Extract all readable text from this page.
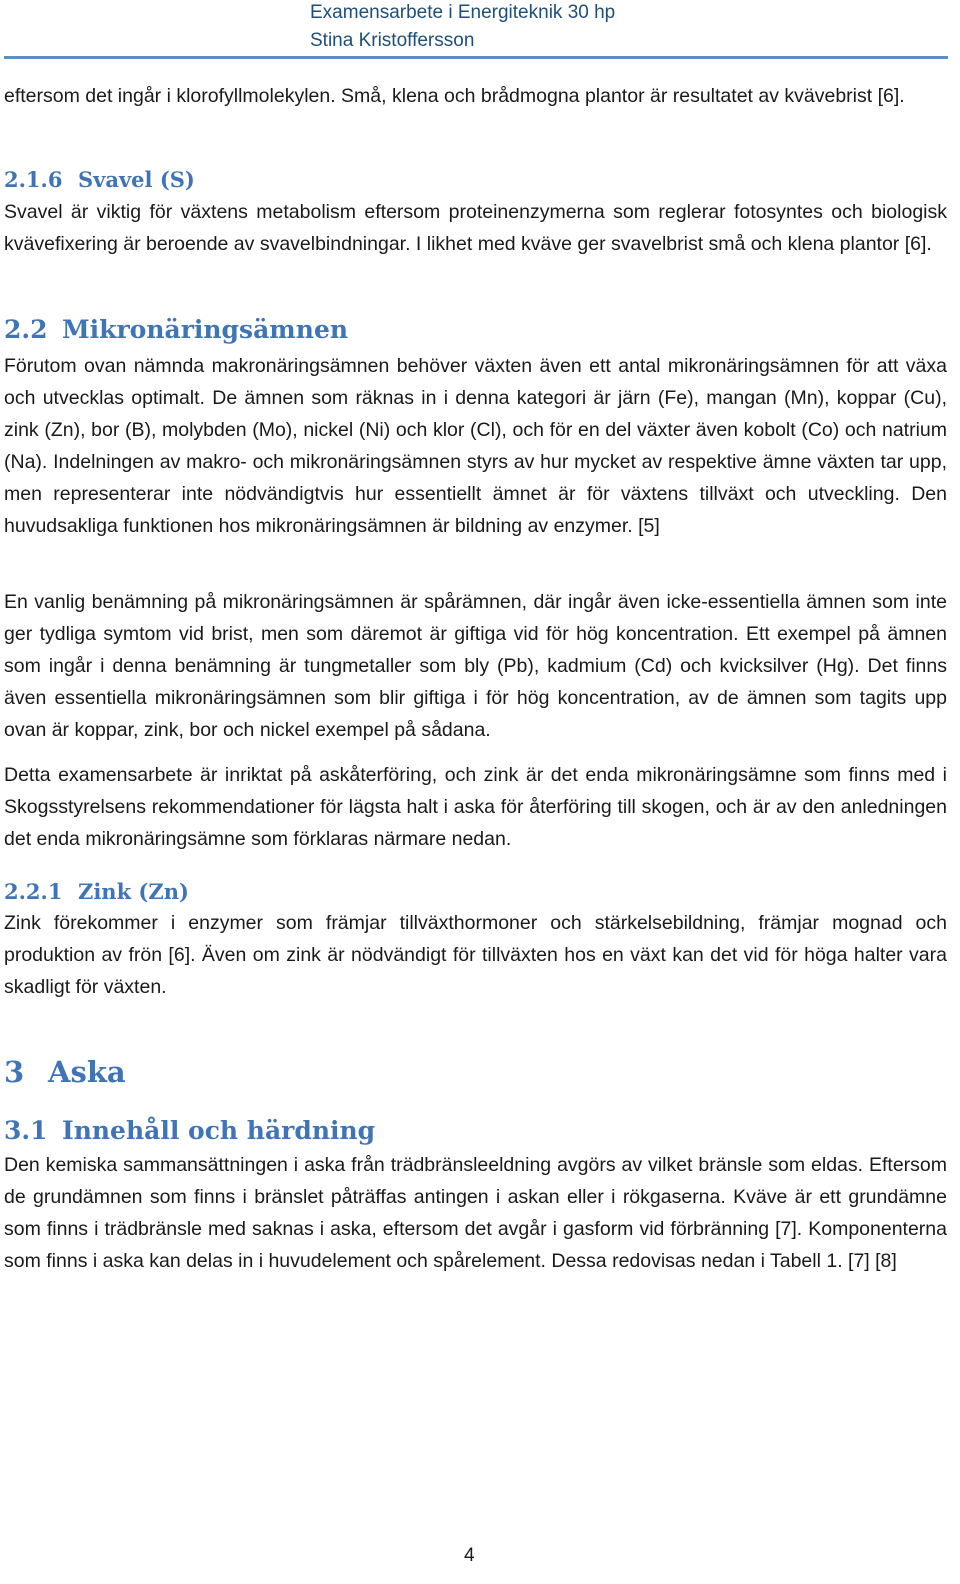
Examensarbete i Energiteknik 30 hp
Stina Kristoffersson

eftersom det ingår i klorofyllmolekylen. Små, klena och brådmogna plantor är resultatet av kvävebrist [6].

2.1.6 Svavel (S)

Svavel är viktig för växtens metabolism eftersom proteinenzymerna som reglerar fotosyntes och biologisk kvävefixering är beroende av svavelbindningar. I likhet med kväve ger svavelbrist små och klena plantor [6].

2.2 Mikronäringsämnen

Förutom ovan nämnda makronäringsämnen behöver växten även ett antal mikronäringsämnen för att växa och utvecklas optimalt. De ämnen som räknas in i denna kategori är järn (Fe), mangan (Mn), koppar (Cu), zink (Zn), bor (B), molybden (Mo), nickel (Ni) och klor (Cl), och för en del växter även kobolt (Co) och natrium (Na). Indelningen av makro- och mikronäringsämnen styrs av hur mycket av respektive ämne växten tar upp, men representerar inte nödvändigtvis hur essentiellt ämnet är för växtens tillväxt och utveckling. Den huvudsakliga funktionen hos mikronäringsämnen är bildning av enzymer. [5]

En vanlig benämning på mikronäringsämnen är spårämnen, där ingår även icke-essentiella ämnen som inte ger tydliga symtom vid brist, men som däremot är giftiga vid för hög koncentration. Ett exempel på ämnen som ingår i denna benämning är tungmetaller som bly (Pb), kadmium (Cd) och kvicksilver (Hg). Det finns även essentiella mikronäringsämnen som blir giftiga i för hög koncentration, av de ämnen som tagits upp ovan är koppar, zink, bor och nickel exempel på sådana.

Detta examensarbete är inriktat på askåterföring, och zink är det enda mikronäringsämne som finns med i Skogsstyrelsens rekommendationer för lägsta halt i aska för återföring till skogen, och är av den anledningen det enda mikronäringsämne som förklaras närmare nedan.

2.2.1 Zink (Zn)

Zink förekommer i enzymer som främjar tillväxthormoner och stärkelsebildning, främjar mognad och produktion av frön [6]. Även om zink är nödvändigt för tillväxten hos en växt kan det vid för höga halter vara skadligt för växten.

3 Aska
3.1 Innehåll och härdning

Den kemiska sammansättningen i aska från trädbränsleeldning avgörs av vilket bränsle som eldas. Eftersom de grundämnen som finns i bränslet påträffas antingen i askan eller i rökgaserna. Kväve är ett grundämne som finns i trädbränsle med saknas i aska, eftersom det avgår i gasform vid förbränning [7]. Komponenterna som finns i aska kan delas in i huvudelement och spårelement. Dessa redovisas nedan i Tabell 1. [7] [8]

4
